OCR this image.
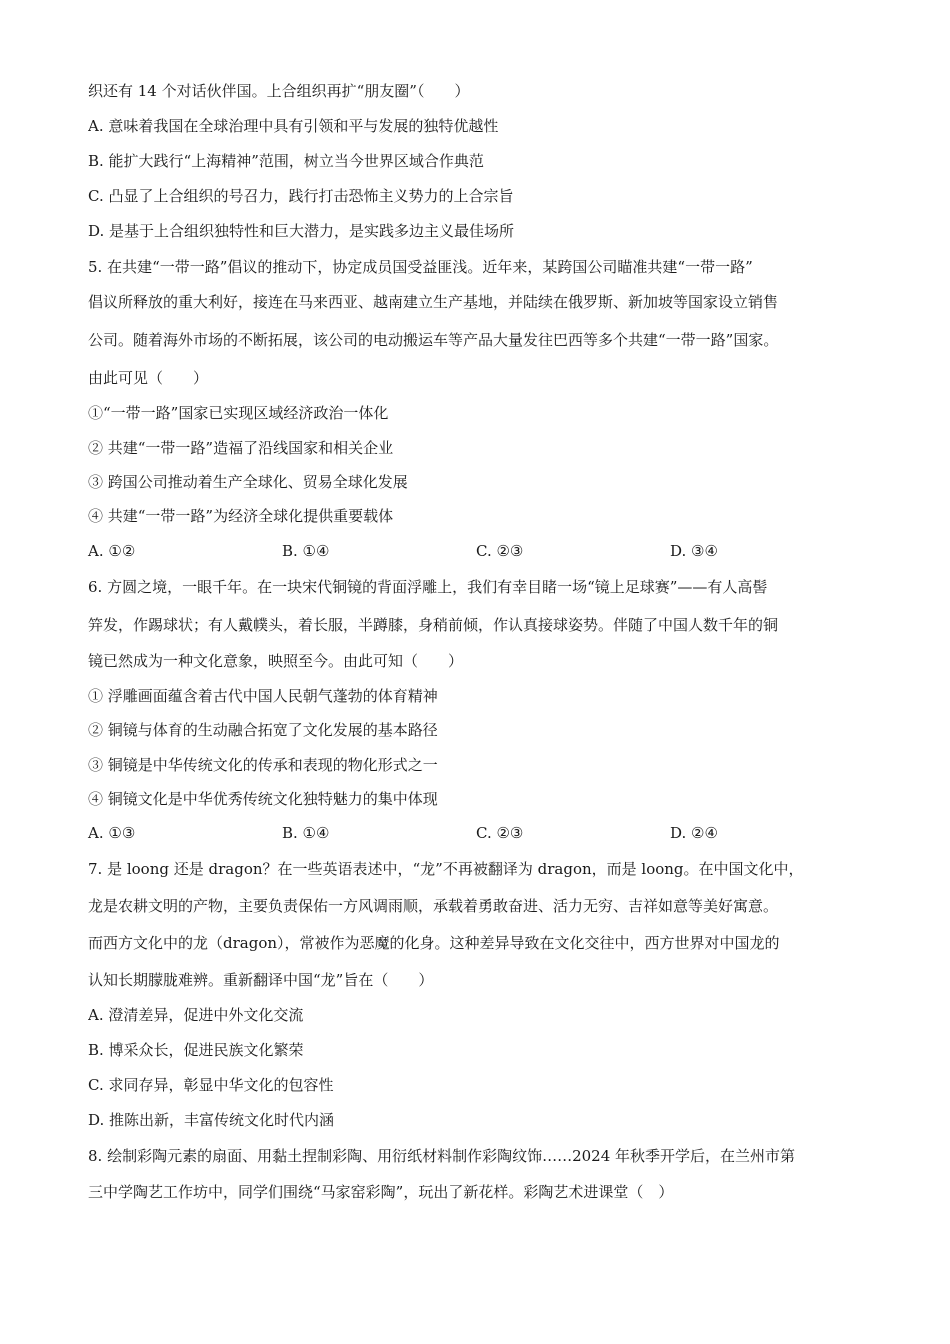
织还有 14 个对话伙伴国。上合组织再扩“朋友圈”（　　）
A. 意味着我国在全球治理中具有引领和平与发展的独特优越性
B. 能扩大践行“上海精神”范围，树立当今世界区域合作典范
C. 凸显了上合组织的号召力，践行打击恐怖主义势力的上合宗旨
D. 是基于上合组织独特性和巨大潜力，是实践多边主义最佳场所
5. 在共建“一带一路”倡议的推动下，协定成员国受益匪浅。近年来，某跨国公司瞄准共建“一带一路”
倡议所释放的重大利好，接连在马来西亚、越南建立生产基地，并陆续在俄罗斯、新加坡等国家设立销售
公司。随着海外市场的不断拓展，该公司的电动搬运车等产品大量发往巴西等多个共建“一带一路”国家。
由此可见（　　）
①“一带一路”国家已实现区域经济政治一体化
② 共建“一带一路”造福了沿线国家和相关企业
③ 跨国公司推动着生产全球化、贸易全球化发展
④ 共建“一带一路”为经济全球化提供重要载体
A. ①②	B. ①④	C. ②③	D. ③④
6. 方圆之境，一眼千年。在一块宋代铜镜的背面浮雕上，我们有幸目睹一场“镜上足球赛”——有人高髻
笄发，作踢球状；有人戴幞头，着长服，半蹲膝，身稍前倾，作认真接球姿势。伴随了中国人数千年的铜
镜已然成为一种文化意象，映照至今。由此可知（　　）
① 浮雕画面蕴含着古代中国人民朝气蓬勃的体育精神
② 铜镜与体育的生动融合拓宽了文化发展的基本路径
③ 铜镜是中华传统文化的传承和表现的物化形式之一
④ 铜镜文化是中华优秀传统文化独特魅力的集中体现
A. ①③	B. ①④	C. ②③	D. ②④
7. 是 loong 还是 dragon？在一些英语表述中，“龙”不再被翻译为 dragon，而是 loong。在中国文化中，
龙是农耕文明的产物，主要负责保佑一方风调雨顺，承载着勇敢奋进、活力无穷、吉祥如意等美好寓意。
而西方文化中的龙（dragon），常被作为恶魔的化身。这种差异导致在文化交往中，西方世界对中国龙的
认知长期朦胧难辨。重新翻译中国“龙”旨在（　　）
A. 澄清差异，促进中外文化交流
B. 博采众长，促进民族文化繁荣
C. 求同存异，彰显中华文化的包容性
D. 推陈出新，丰富传统文化时代内涵
8. 绘制彩陶元素的扇面、用黏土捏制彩陶、用衍纸材料制作彩陶纹饰……2024 年秋季开学后，在兰州市第
三中学陶艺工作坊中，同学们围绕“马家窑彩陶”，玩出了新花样。彩陶艺术进课堂（　）
